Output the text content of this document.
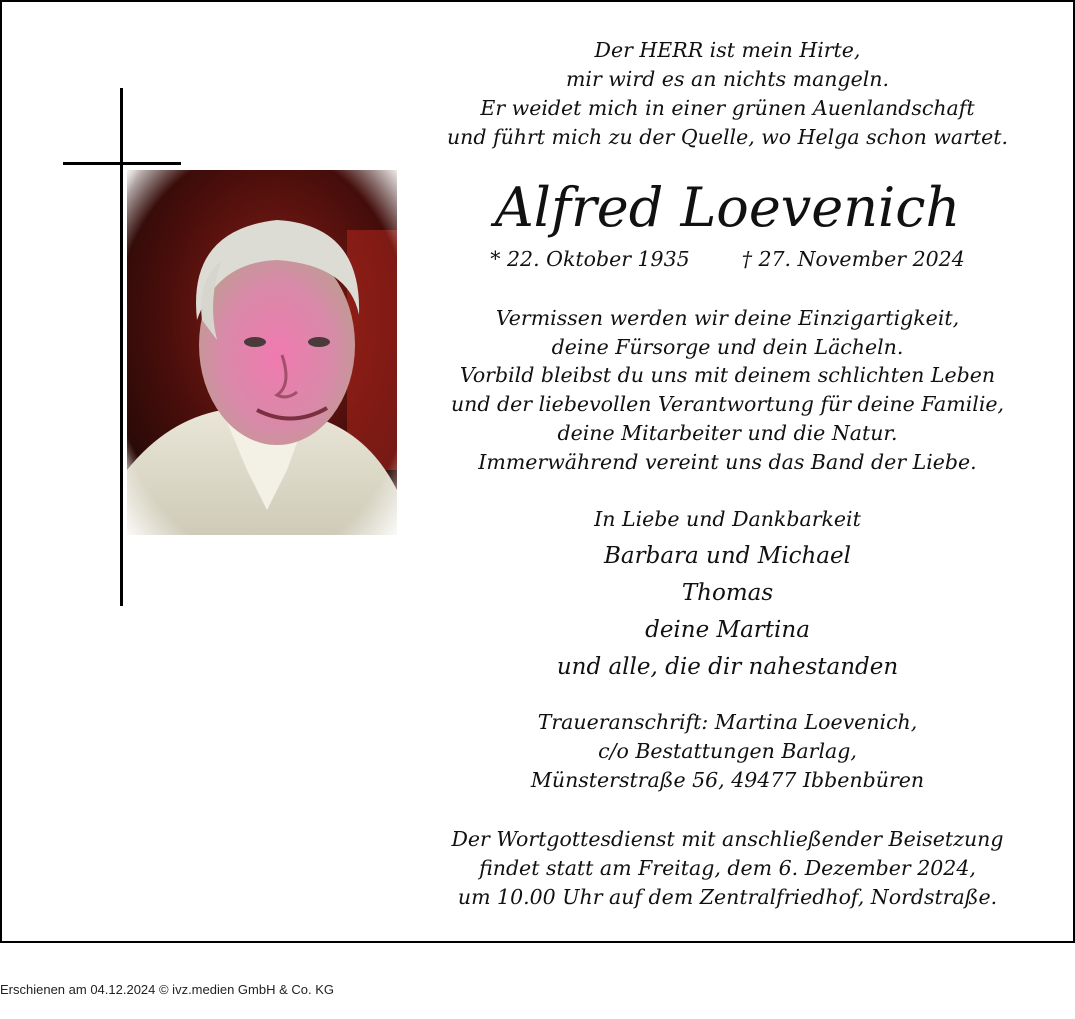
Der HERR ist mein Hirte,
mir wird es an nichts mangeln.
Er weidet mich in einer grünen Auenlandschaft
und führt mich zu der Quelle, wo Helga schon wartet.
Alfred Loevenich
* 22. Oktober 1935	† 27. November 2024
Vermissen werden wir deine Einzigartigkeit,
deine Fürsorge und dein Lächeln.
Vorbild bleibst du uns mit deinem schlichten Leben
und der liebevollen Verantwortung für deine Familie,
deine Mitarbeiter und die Natur.
Immerwährend vereint uns das Band der Liebe.
In Liebe und Dankbarkeit
Barbara und Michael
Thomas
deine Martina
und alle, die dir nahestanden
Traueranschrift: Martina Loevenich,
c/o Bestattungen Barlag,
Münsterstraße 56, 49477 Ibbenbüren
Der Wortgottesdienst mit anschließender Beisetzung
findet statt am Freitag, dem 6. Dezember 2024,
um 10.00 Uhr auf dem Zentralfriedhof, Nordstraße.
Erschienen am 04.12.2024 © ivz.medien GmbH & Co. KG
